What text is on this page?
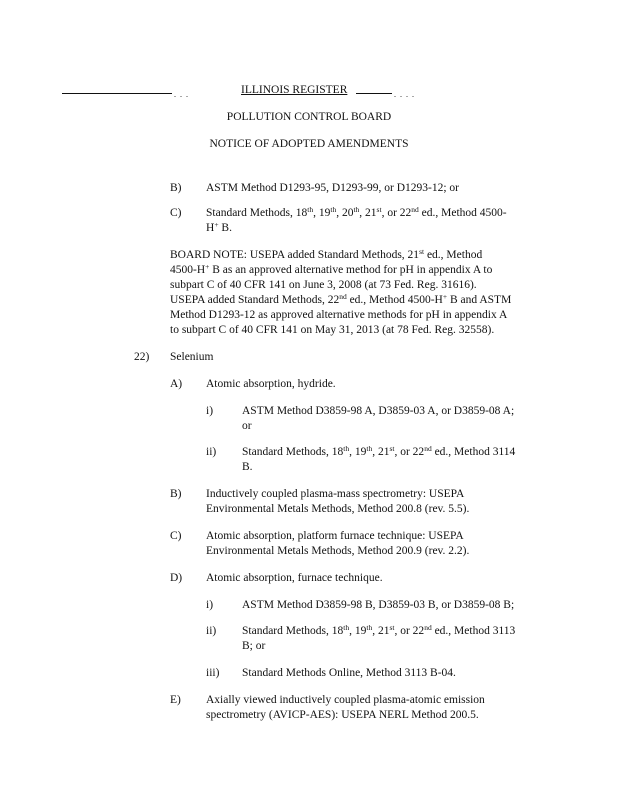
. . .	ILLINOIS REGISTER	. . . .
POLLUTION CONTROL BOARD
NOTICE OF ADOPTED AMENDMENTS
B) ASTM Method D1293-95, D1293-99, or D1293-12; or
C) Standard Methods, 18th, 19th, 20th, 21st, or 22nd ed., Method 4500-
H+ B.
BOARD NOTE: USEPA added Standard Methods, 21st ed., Method
4500-H+ B as an approved alternative method for pH in appendix A to
subpart C of 40 CFR 141 on June 3, 2008 (at 73 Fed. Reg. 31616).
USEPA added Standard Methods, 22nd ed., Method 4500-H+ B and ASTM
Method D1293-12 as approved alternative methods for pH in appendix A
to subpart C of 40 CFR 141 on May 31, 2013 (at 78 Fed. Reg. 32558).
22) Selenium
A) Atomic absorption, hydride.
i)	ASTM Method D3859-98 A, D3859-03 A, or D3859-08 A;
or
ii) Standard Methods, 18th, 19th, 21st, or 22nd ed., Method 3114
B.
B) Inductively coupled plasma-mass spectrometry: USEPA
Environmental Metals Methods, Method 200.8 (rev. 5.5).
C) Atomic absorption, platform furnace technique: USEPA
Environmental Metals Methods, Method 200.9 (rev. 2.2).
D) Atomic absorption, furnace technique.
i)	ASTM Method D3859-98 B, D3859-03 B, or D3859-08 B;
ii) Standard Methods, 18th, 19th, 21st, or 22nd ed., Method 3113
B; or
iii) Standard Methods Online, Method 3113 B-04.
E) Axially viewed inductively coupled plasma-atomic emission
spectrometry (AVICP-AES): USEPA NERL Method 200.5.
